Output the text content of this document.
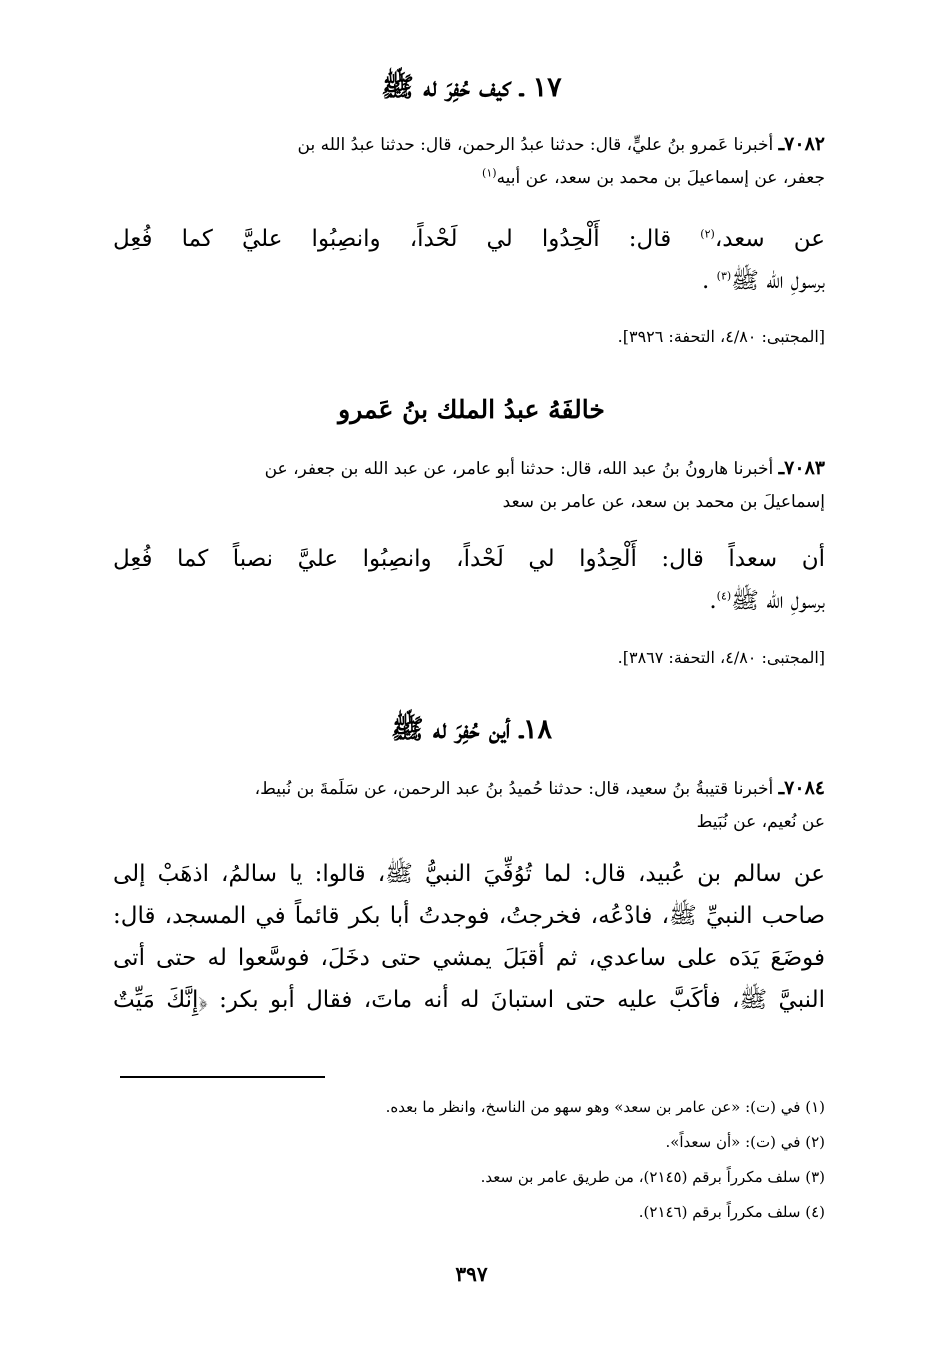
١٧ ـ كيف حُفِرَ له ﷺ
٧٠٨٢ـ أخبرنا عَمرو بنُ عليٍّ، قال: حدثنا عبدُ الرحمن، قال: حدثنا عبدُ الله بن
جعفر، عن إسماعيلَ بن محمد بن سعد، عن أبيه$^{(١)}$
عن سعد،$^{(٢)}$ قال: أَلْحِدُوا لي لَحْداً، وانصِبُوا عليَّ كما فُعِل
برسولِ الله ﷺ$^{(٣)}$ .
[المجتبى: ٤/٨٠، التحفة: ٣٩٢٦].
خالفَهُ عبدُ الملك بنُ عَمرو
٧٠٨٣ـ أخبرنا هارونُ بنُ عبد الله، قال: حدثنا أبو عامر، عن عبد الله بن جعفر، عن
إسماعيلَ بن محمد بن سعد، عن عامر بن سعد
أن سعداً قال: أَلْحِدُوا لي لَحْداً، وانصِبُوا عليَّ نصباً كما فُعِل
برسولِ الله ﷺ$^{(٤)}$.
[المجتبى: ٤/٨٠، التحفة: ٣٨٦٧].
١٨ـ أين حُفِرَ له ﷺ
٧٠٨٤ـ أخبرنا قتيبةُ بنُ سعيد، قال: حدثنا حُميدُ بنُ عبد الرحمن، عن سَلَمةَ بن نُبيط،
عن نُعيم، عن نُبَيط
عن سالم بن عُبيد، قال: لما تُوُفِّيَ النبيُّ ﷺ، قالوا: يا سالمُ، اذهَبْ إلى
صاحب النبيِّ ﷺ، فادْعُه، فخرجتُ، فوجدتُ أبا بكر قائماً في المسجد، قال:
فوضَعَ يَدَه على ساعدي، ثم أقبَلَ يمشي حتى دخَلَ، فوسَّعوا له حتى أتى
النبيَّ ﷺ، فأكَبَّ عليه حتى استبانَ له أنه ماتَ، فقال أبو بكر: ﴿إِنَّكَ مَيِّتٌ
(١) في (ت): «عن عامر بن سعد» وهو سهو من الناسخ، وانظر ما بعده.
(٢) في (ت): «أن سعداً».
(٣) سلف مكرراً برقم (٢١٤٥)، من طريق عامر بن سعد.
(٤) سلف مكرراً برقم (٢١٤٦).
٣٩٧
